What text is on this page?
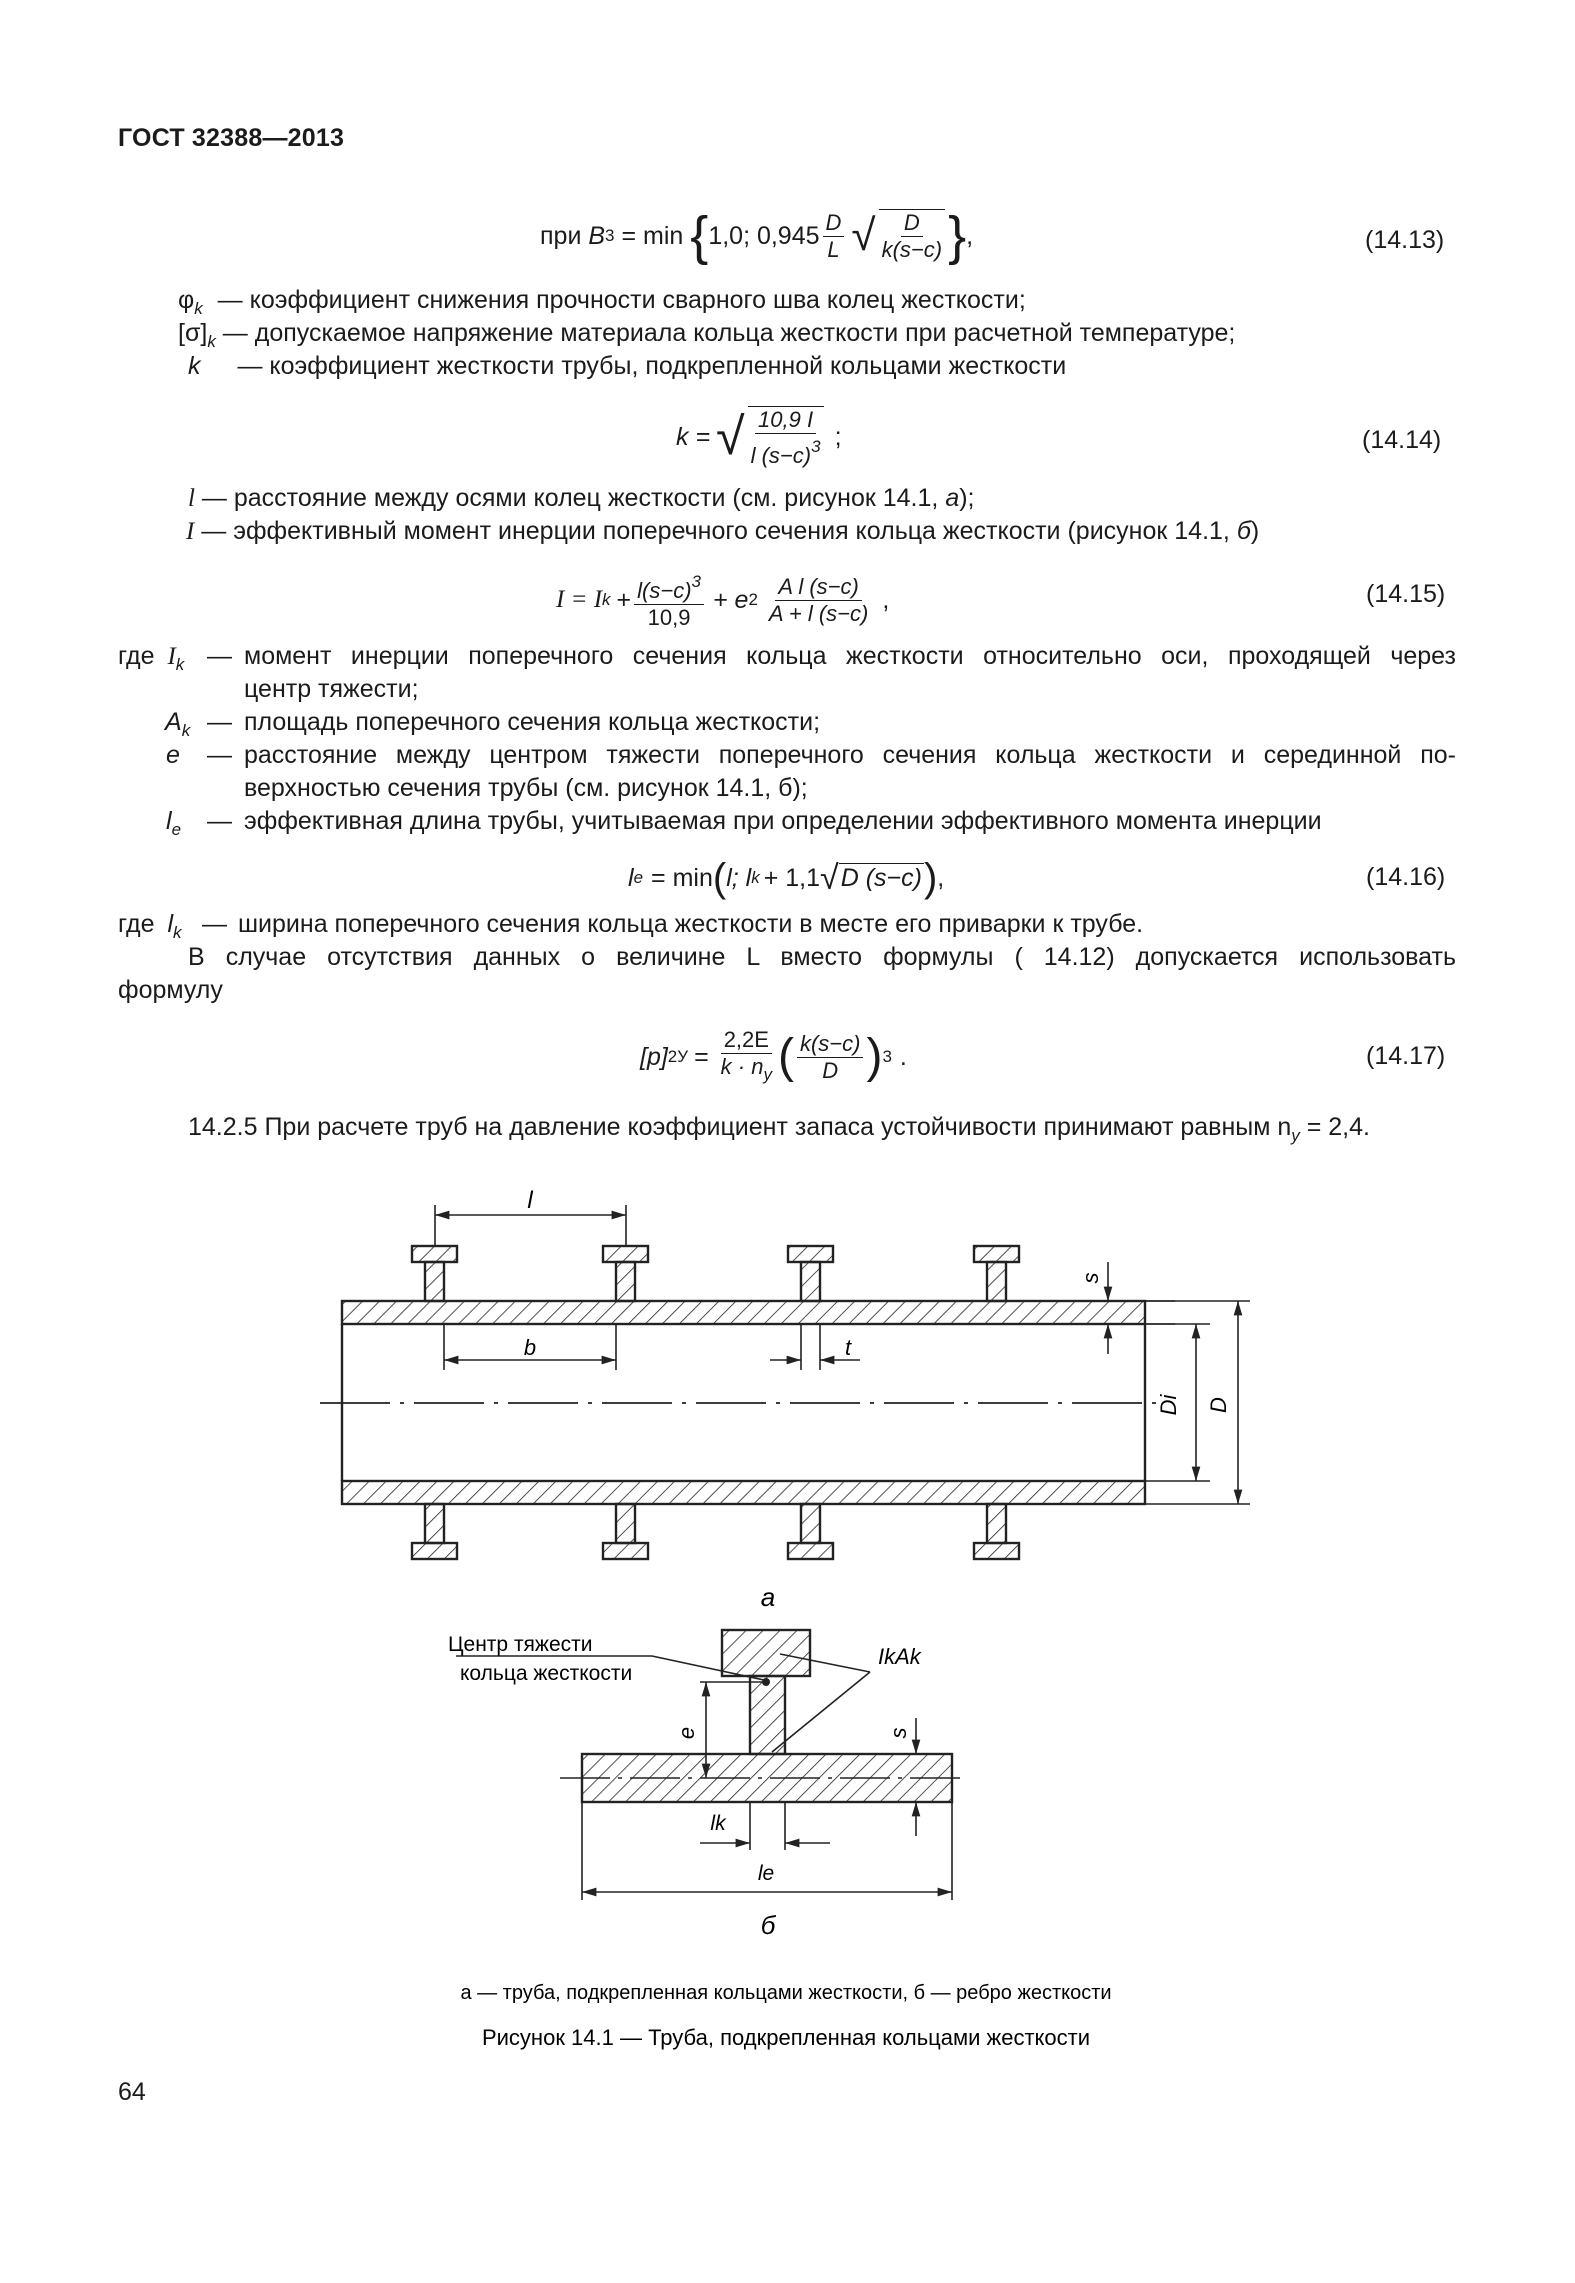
ГОСТ 32388—2013
при
B 3
= min
{ 1,0; $0,945 \frac{D}{L}$ √ $\frac{D}{k(s-c)}$ } ,	(14.13)
$\varphi_k$ — коэффициент снижения прочности сварного шва колец жесткости;
$[\sigma]_k$ — допускаемое напряжение материала кольца жесткости при расчетной температуре;
k — коэффициент жесткости трубы, подкрепленной кольцами жесткости
k = √ $\frac{10,9 I}{l (s-c)^3}$ ;	(14.14)
l — расстояние между осями колец жесткости (см. рисунок 14.1, а);
I — эффективный момент инерции поперечного сечения кольца жесткости (рисунок 14.1, б)
I = I $k + \frac{l(s-c)^3}{10,9} + e$ $2 \frac{\text{A l (s−c)}}{A + l (s-c)}$ ,	(14.15)
где $I_k$ — момент инерции поперечного сечения кольца жесткости относительно оси, проходящей через
центр тяжести;
$A_k$ — площадь поперечного сечения кольца жесткости;
e — расстояние между центром тяжести поперечного сечения кольца жесткости и серединной по-
верхностью сечения трубы (см. рисунок 14.1, б);
$l_e$ — эффективная длина трубы, учитываемая при определении эффективного момента инерции
l e = min ( l; l k + 1,1 √ D (s−c) ) ,	(14.16)
где $l_k$ — ширина поперечного сечения кольца жесткости в месте его приварки к трубе.
В случае отсутствия данных о величине L вместо формулы ( 14.12) допускается использовать
формулу
[p] $2У = \frac{2,2E}{k \cdot n_у}$ ( $\frac{k(s-c)}{D}$ ) 3 .	(14.17)
14.2.5 При расчете труб на давление коэффициент запаса устойчивости принимают равным $n_у = 2,4$.
l
b	t
s
Di D
а
Центр тяжести
кольца жесткости
IkAk
e	s
lk
le
б
а — труба, подкрепленная кольцами жесткости, б — ребро жесткости
Рисунок 14.1 — Труба, подкрепленная кольцами жесткости
64
